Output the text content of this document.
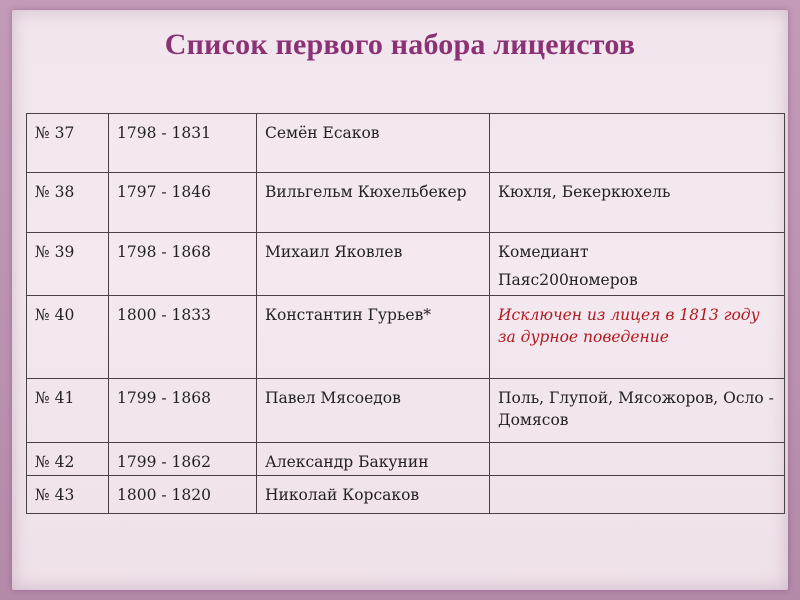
Список первого набора лицеистов
№ 37	1798 - 1831	Семён Есаков	
№ 38	1797 - 1846	Вильгельм Кюхельбекер	Кюхля, Бекеркюхель

№ 39	1798 - 1868	Михаил Яковлев	Комедиант
Паяс200номеров

№ 40	1800 - 1833	Константин Гурьев*	Исключен из лицея в 1813 году за дурное поведение

№ 41	1799 - 1868	Павел Мясоедов	Поль, Глупой, Мясожоров, Осло - Домясов

№ 42	1799 - 1862	Александр Бакунин	
№ 43	1800 - 1820	Николай Корсаков	
